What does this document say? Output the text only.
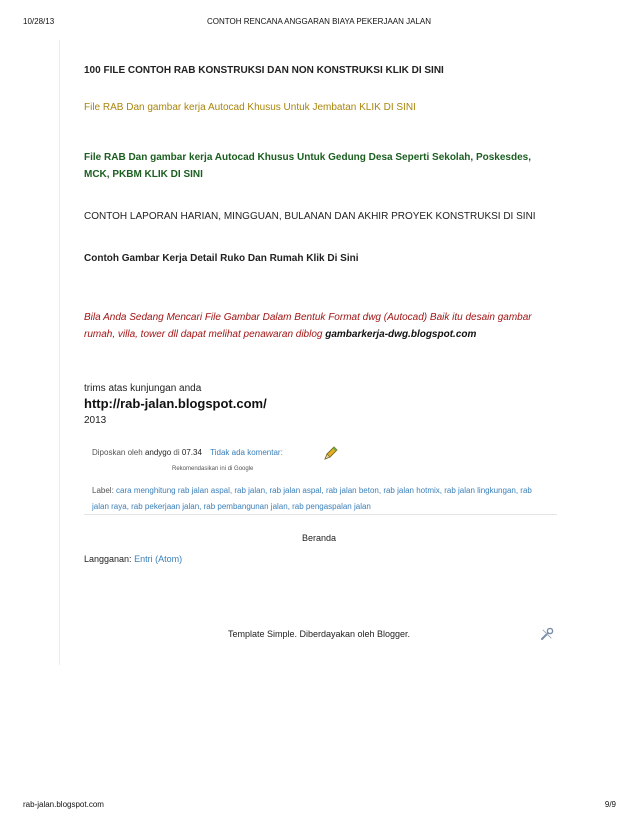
10/28/13	CONTOH RENCANA ANGGARAN BIAYA PEKERJAAN JALAN
100 FILE CONTOH RAB KONSTRUKSI DAN NON KONSTRUKSI KLIK DI SINI
File RAB Dan gambar kerja Autocad Khusus Untuk Jembatan KLIK DI SINI
File RAB Dan gambar kerja Autocad Khusus Untuk Gedung Desa Seperti Sekolah, Poskesdes, MCK, PKBM KLIK DI SINI
CONTOH LAPORAN HARIAN, MINGGUAN, BULANAN DAN AKHIR PROYEK KONSTRUKSI DI SINI
Contoh Gambar Kerja Detail Ruko Dan Rumah Klik Di Sini
Bila Anda Sedang Mencari File Gambar Dalam Bentuk Format dwg (Autocad) Baik itu desain gambar rumah, villa, tower dll dapat melihat penawaran diblog gambarkerja-dwg.blogspot.com
trims atas kunjungan anda
http://rab-jalan.blogspot.com/
2013
Diposkan oleh andygo di 07.34 Tidak ada komentar:
Rekomendasikan ini di Google
Label: cara menghitung rab jalan aspal, rab jalan, rab jalan aspal, rab jalan beton, rab jalan hotmix, rab jalan lingkungan, rab jalan raya, rab pekerjaan jalan, rab pembangunan jalan, rab pengaspalan jalan
Beranda
Langganan: Entri (Atom)
Template Simple. Diberdayakan oleh Blogger.
rab-jalan.blogspot.com	9/9
